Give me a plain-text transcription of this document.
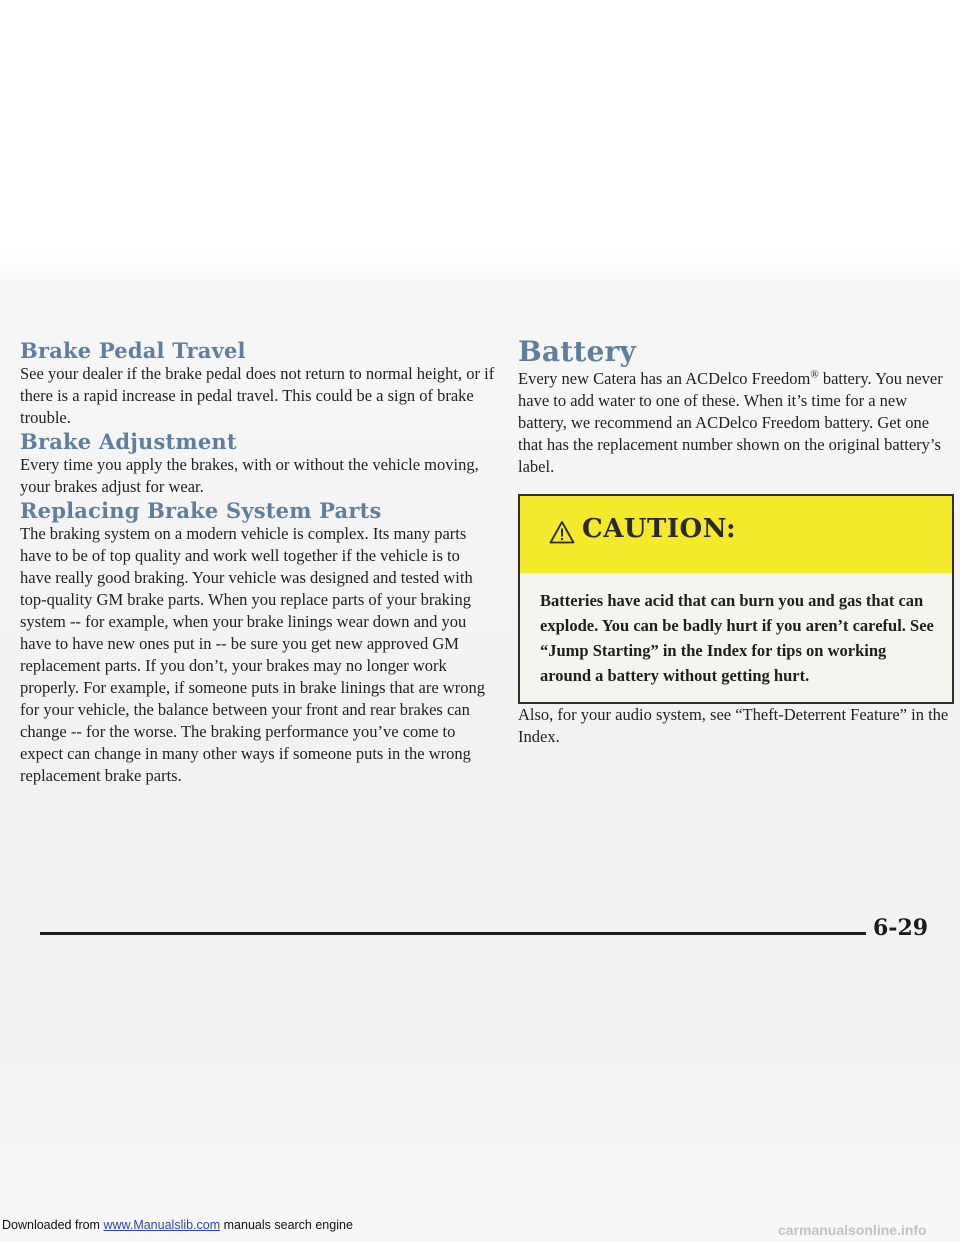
Brake Pedal Travel

See your dealer if the brake pedal does not return to normal height, or if there is a rapid increase in pedal travel. This could be a sign of brake trouble.

Brake Adjustment

Every time you apply the brakes, with or without the vehicle moving, your brakes adjust for wear.

Replacing Brake System Parts

The braking system on a modern vehicle is complex. Its many parts have to be of top quality and work well together if the vehicle is to have really good braking. Your vehicle was designed and tested with top-quality GM brake parts. When you replace parts of your braking system -- for example, when your brake linings wear down and you have to have new ones put in -- be sure you get new approved GM replacement parts. If you don’t, your brakes may no longer work properly. For example, if someone puts in brake linings that are wrong for your vehicle, the balance between your front and rear brakes can change -- for the worse. The braking performance you’ve come to expect can change in many other ways if someone puts in the wrong replacement brake parts.

Battery

Every new Catera has an ACDelco Freedom® battery. You never have to add water to one of these. When it’s time for a new battery, we recommend an ACDelco Freedom battery. Get one that has the replacement number shown on the original battery’s label.

CAUTION:
Batteries have acid that can burn you and gas that can explode. You can be badly hurt if you aren’t careful. See “Jump Starting” in the Index for tips on working around a battery without getting hurt.

Also, for your audio system, see “Theft-Deterrent Feature” in the Index.

6-29
Downloaded from www.Manualslib.com manuals search engine	carmanualsonline.info
